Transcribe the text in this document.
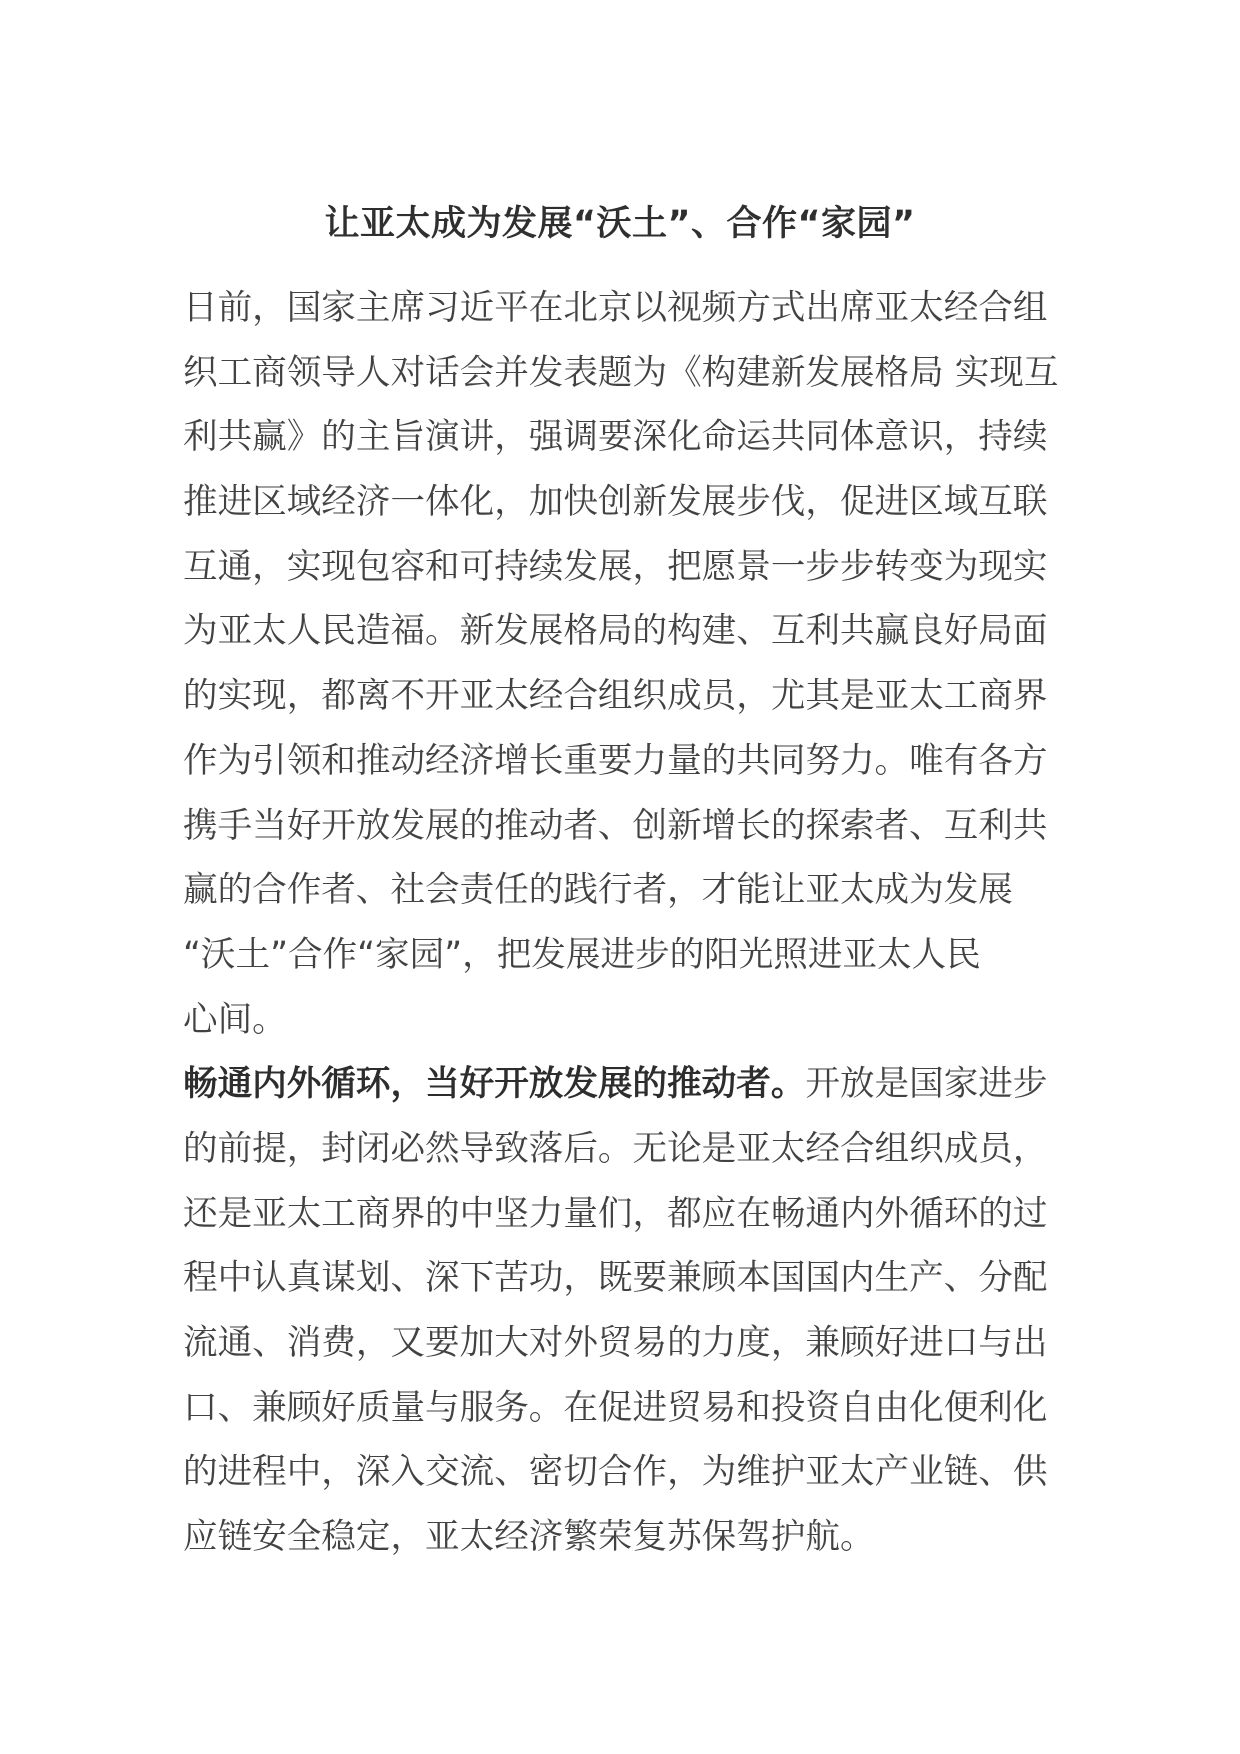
让亚太成为发展“沃土”、合作“家园”
日前，国家主席习近平在北京以视频方式出席亚太经合组
织工商领导人对话会并发表题为《构建新发展格局 实现互
利共赢》的主旨演讲，强调要深化命运共同体意识，持续
推进区域经济一体化，加快创新发展步伐，促进区域互联
互通，实现包容和可持续发展，把愿景一步步转变为现实
为亚太人民造福。新发展格局的构建、互利共赢良好局面
的实现，都离不开亚太经合组织成员，尤其是亚太工商界
作为引领和推动经济增长重要力量的共同努力。唯有各方
携手当好开放发展的推动者、创新增长的探索者、互利共
赢的合作者、社会责任的践行者，才能让亚太成为发展
“沃土”合作“家园”，把发展进步的阳光照进亚太人民
心间。
畅通内外循环，当好开放发展的推动者。开放是国家进步
的前提，封闭必然导致落后。无论是亚太经合组织成员，
还是亚太工商界的中坚力量们，都应在畅通内外循环的过
程中认真谋划、深下苦功，既要兼顾本国国内生产、分配
流通、消费，又要加大对外贸易的力度，兼顾好进口与出
口、兼顾好质量与服务。在促进贸易和投资自由化便利化
的进程中，深入交流、密切合作，为维护亚太产业链、供
应链安全稳定，亚太经济繁荣复苏保驾护航。
